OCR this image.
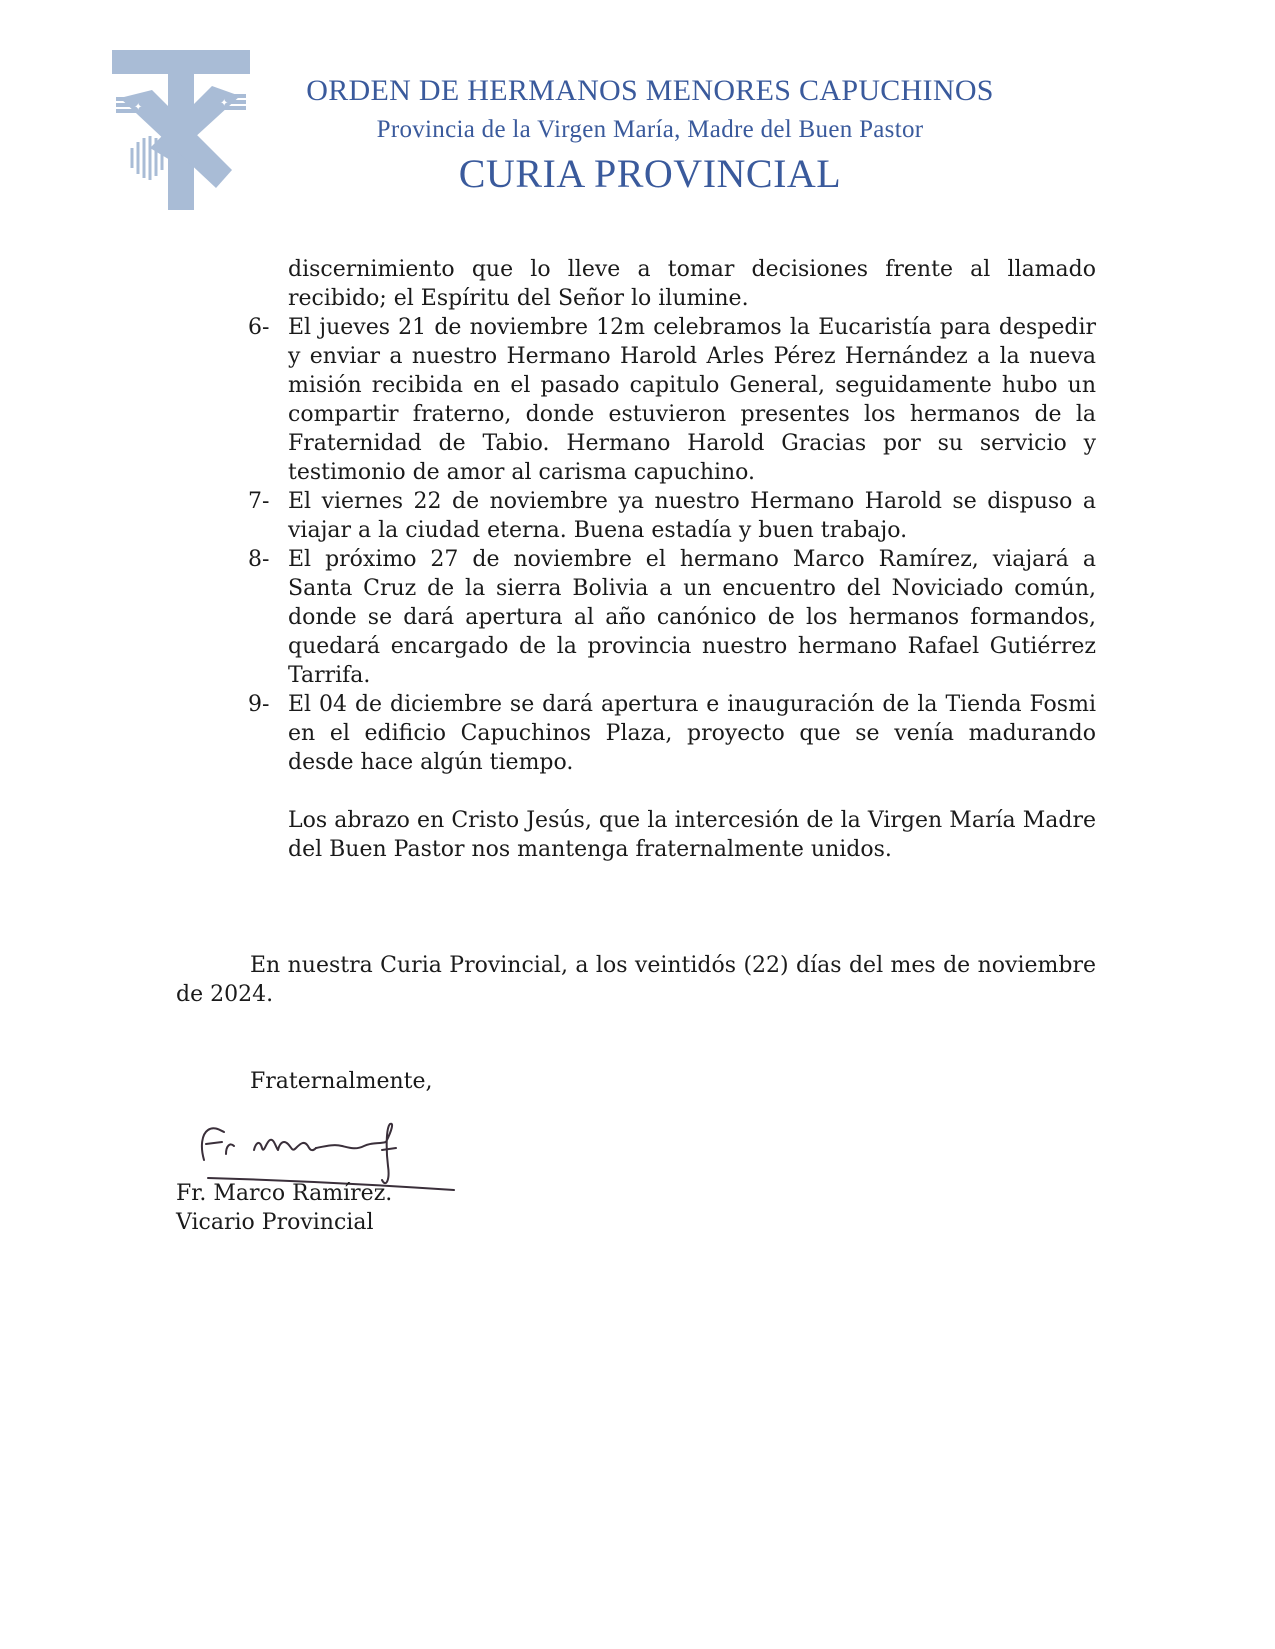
✦	✦	ORDEN DE HERMANOS MENORES CAPUCHINOS
Provincia de la Virgen María, Madre del Buen Pastor
CURIA PROVINCIAL
discernimiento que lo lleve a tomar decisiones frente al llamado recibido; el Espíritu del Señor lo ilumine.
6- El jueves 21 de noviembre 12m celebramos la Eucaristía para despedir y enviar a nuestro Hermano Harold Arles Pérez Hernández a la nueva misión recibida en el pasado capitulo General, seguidamente hubo un compartir fraterno, donde estuvieron presentes los hermanos de la Fraternidad de Tabio. Hermano Harold Gracias por su servicio y testimonio de amor al carisma capuchino.
7- El viernes 22 de noviembre ya nuestro Hermano Harold se dispuso a viajar a la ciudad eterna. Buena estadía y buen trabajo.
8- El próximo 27 de noviembre el hermano Marco Ramírez, viajará a Santa Cruz de la sierra Bolivia a un encuentro del Noviciado común, donde se dará apertura al año canónico de los hermanos formandos, quedará encargado de la provincia nuestro hermano Rafael Gutiérrez Tarrifa.
9- El 04 de diciembre se dará apertura e inauguración de la Tienda Fosmi en el edificio Capuchinos Plaza, proyecto que se venía madurando desde hace algún tiempo.
Los abrazo en Cristo Jesús, que la intercesión de la Virgen María Madre del Buen Pastor nos mantenga fraternalmente unidos.
En nuestra Curia Provincial, a los veintidós (22) días del mes de noviembre de 2024.
Fraternalmente,
Fr. Marco Ramírez.
Vicario Provincial
